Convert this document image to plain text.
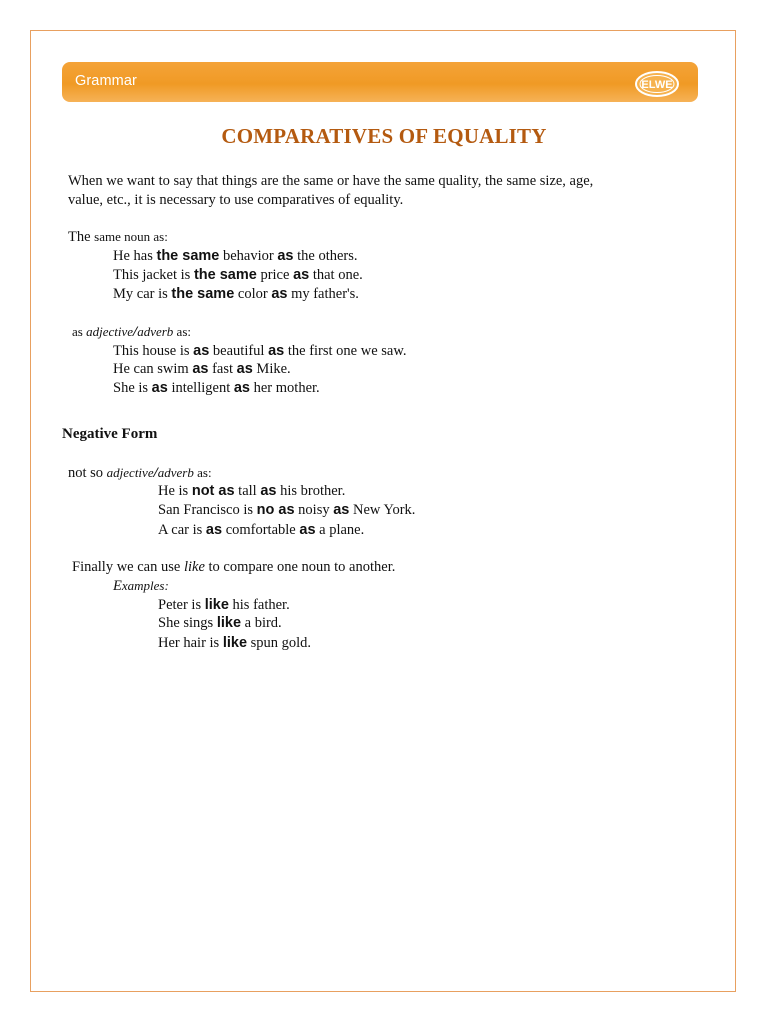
Grammar	ELWE
COMPARATIVES OF EQUALITY
When we want to say that things are the same or have the same quality, the same size, age,
value, etc., it is necessary to use comparatives of equality.
The same noun as:
He has the same behavior as the others.
This jacket is the same price as that one.
My car is the same color as my father's.
as adjective/adverb as:
This house is as beautiful as the first one we saw.
He can swim as fast as Mike.
She is as intelligent as her mother.
Negative Form
not so adjective/adverb as:
He is not as tall as his brother.
San Francisco is no as noisy as New York.
A car is as comfortable as a plane.
Finally we can use like to compare one noun to another.
Examples:
Peter is like his father.
She sings like a bird.
Her hair is like spun gold.
